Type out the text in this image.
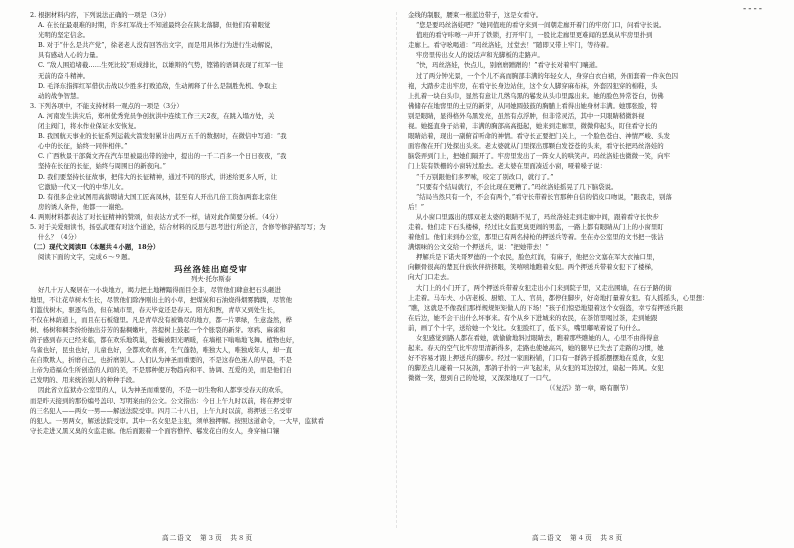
----
2. 根据材料内容，下列说法正确的一项是（3分）
A. 在长征最艰难的时期，许多红军战士不知道最终会在陕北落脚，但他们有着眼觉
光明的坚定信念。
B. 对于“什么是共产党”，徐老老人没有回答出文字，而是用具体行为进行生动解说，
具有感动人心的力量。
C. “敌人围追堵截……生死比较”形成排比，以雄辩的气势，铿锵的语调表现了红军一往
无前的奋斗精神。
D. 毛泽东指挥红军借伏击战以少胜多打败追敌，生动阐释了什么是制胜先机、争取主
动的战争智慧。
3. 下列各项中，不能支持材料一观点的一项是（3分）
A. 河南发生洪灾后，郑州优秀党员争创抗洪中连续工作三天2夜，在跳入塌方处，关
闭主阀门，将水作业保证水安恢复。
B. 我国航天事业的长征系列运载火箭发射累计出两万五千的数据时，在微信中写道：“我
心中的长征，始终一同伴相伴。”
C. 广西秋景干部冀文齐在汽车里被最出带的途中，提出的一千二百多一个日日夜夜，“我
坚持在长征的长征，始终与周围日的新夜向。”
D. 我们要坚持长征故事，把伟大的长征精神，通过不同的形式，讲述给更多人听，让
它激励一代又一代的中华儿女。
D. 有很多企业试图用高薪聘请大国工匠高凤林，甚至有人开出几倍工资加两套北京住
房的诱人条件，他都一一谢绝。
4. 两则材料都表达了对长征精神的赞颂，但表达方式不一样，请对此作简要分析。（4分）
5. 对于关爱细读书，扬弘武理有对这个道论，结合材料的反思与思考进行所论言，含修等修辞描写写；为
什么？（4分）
（二）现代文阅读Ⅱ（本题共４小题，18分）
阅读下面的文字，完成６～９题。
玛丝洛娃出庭受审
列夫·托尔斯泰
好几十万人聚居在一小块地方，竭力把土地糟蹋得面目全非，尽管他们肆意把石头砸进
地里，不让花草树木生长，尽管他们除净刚出土的小草，把煤炭和石油烧得烟雾腾腾，尽管他
们滥伐树木，驱逐鸟兽，但在城市里，春天毕竟还是春天。阳光和煦，青草又到处生长，
不仅在林荫道上，而且在石板缝里。凡是青草没有被锄尽的地方，都一片翠绿，生意盎然，桦
树、杨树和稠李纷纷抽出芬芳的黏稠嫩叶，菩提树上鼓起一个个胀裂的新芽。寒鸦、麻雀和
鸽子感到春天已经来临，都在欢乐地筑巢，苍蝇被阳光晒暖，在墙根下嗡嗡地飞舞。植物也好，
鸟雀也好，昆虫也好，儿童也好，全都欢欢喜喜，生气蓬勃，唯独大人，唯独成年人，却一直
在自欺欺人，折磨自己，也折磨别人。人们认为神圣而重要的，不是这春色迷人的早晨，不是
上帝为造福众生所创造的人间的美，不是那种使万物趋向和平、协调、互爱的美，而是他们自
己发明的、用来统治别人的种种手段。
因此省立监狱办公室里的人，认为神圣而重要的，不是一切生物和人都享受春天的欢乐，
而是昨天接到的那份编号盖印、写明案由的公文。公文指出：今日上午九时以前，将在押受审
的三名犯人——两女一男——解送法院受审。四月二十八日，上午九时以前，将押送三名受审
的犯人。一男两女，解送法院受审。其中一名女犯是主犯，须单独押解。按照这道命令，一大早，监狱看
守长走进又黑又臭的女监走廊。他后面跟着一个面容憔悴、鬈发花白的女人，身穿袖口镶
金线的制服，腰束一根蓝边带子，这是女看守。
“您是要玛丝洛娃吧？”她同值班的看守来到一间朝走廊开着门的牢房门口，问看守长说。
值班的看守咔嚓一声开了铁锁，打开牢门，一股比走廊里更难闻的恶臭从牢房里扑到
走廊上。看守吆喝道：“玛丝洛娃，过堂去！”随即又带上牢门，等待着。
牢房里传出女人的说话声和光脚板的走路声。
“快，玛丝洛娃，快点儿，别磨磨蹭蹭的！”看守长对着牢门嚷道。
过了两分钟光景，一个个儿不高而胸部丰满的年轻女人，身穿白衣白裙，外面套着一件灰色囚
袍，大踏步走出牢房，在看守长身边站住，这个女人脚穿麻布袜，外套囚犯穿的棉鞋，头
上扎着一块白头巾，显然有意让几绺乌黑的鬈发从头巾里露出来。她的脸色异常苍白，仿佛
佛储存在地窖里的土豆的新芽，从同她圆鼓鼓的胸脯上看得出她身材丰满。她那张脸，特
别是眼睛，显得格外乌黑发亮，虽然有点浮肿，但非常灵活，其中一只眼睛稍微斜视
视。她挺直身子站着，丰满的胸部高高挺起，她来到走廊里，微微仰起头，盯住看守长的
眼睛站着，现出一副俯首听命的神情。看守长正要把门关上，一个脸色苍白、神情严峻、头发
面容像在开门处探出头来。老太婆就从门里探出那颗白发苍苍的头来，看守长把玛丝洛娃的
脑袋弄到门上，把她们隔开了。牢房里发出了一阵女人的哄笑声。玛丝洛娃也微微一笑，向牢
门上装有铁栅的小窗转过脸去。老太婆在里面凑近小窗，哑着嗓子说：
“千万别跟他们多罗嗦，咬定了别改口，就行了。”
“只要有个结局就行，不会比现在更糟了。”玛丝洛娃摇晃了几下脑袋说。
“结局当然只有一个，不会有两个，”看守长带着长官那种自信的俏皮口吻说，“跟我走，别落
后！”
从小窗口里露出的那双老太婆的眼睛不见了，玛丝洛娃走到走廊中间，跟着看守长快步
走着。他们走下石头楼梯，经过比女监更臭更闹的男监，一路上都有眼睛从门上的小窗里盯
着他们。他们来到办公室，那里已有两名持枪的押送兵等着。坐在办公室里的文书把一张沾
满烟味的公文交给一个押送兵，说：“把她带去！”
押解兵是下诺夫哥罗德的一个农民，脸色红润，有麻子，他把公文塞在军大衣袖口里，
向颧骨很高的楚瓦什族伙伴挤挤眼，笑嘻嘻地瞧着女犯。两个押送兵带着女犯下了楼梯，
向大门口走去。
大门上的小门开了，两个押送兵带着女犯走出小门来到院子里，又走出围墙，在石子路的街
上走着。马车夫、小店老板、厨娘、工人、官员，都停住脚步，好奇地打量着女犯。有人摇摇头，心里想：
“瞧，这就是不像我们那样规规矩矩做人的下场！”孩子们惊恐地望着这个女强盗，幸亏有押送兵跟
在后边，她不会干出什么坏事来。有个从乡下进城来的农民，在茶馆里喝过茶，走到她跟
前，画了个十字，送给她一个戈比。女犯脸红了，低下头，嘴里嘟哝着说了句什么。
女犯感觉到路人都在看她，就偷偷地斜过眼睛去，瞧着那些瞧她的人，心里不由得得意
起来。春天的空气比牢房里清新得多，走路也使她高兴，她的腿早已失去了走路的习惯，她
好不容易才跟上押送兵的脚步。经过一家面粉铺，门口有一群鸽子摇摇摆摆地在觅食，女犯
的脚差点儿碰着一只灰鸽，那鸽子扑的一声飞起来，从女犯的耳边掠过，扇起一阵风。女犯
微微一笑，想到自己的处境，又深深地叹了一口气。
（《复活》第一章，略有删节）
高二语文　第３页　共８页	高二语文　第４页　共８页
